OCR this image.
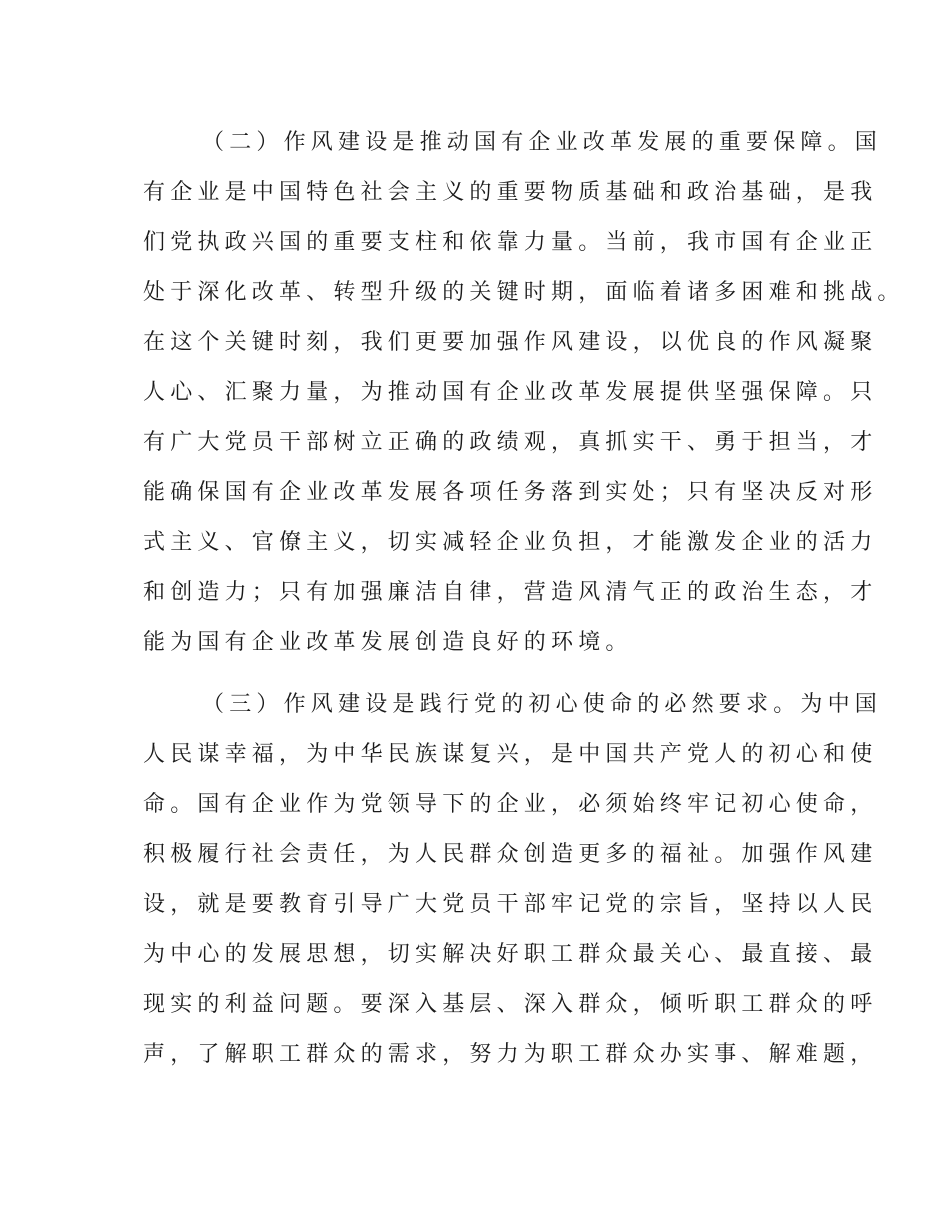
（二）作风建设是推动国有企业改革发展的重要保障。国
有企业是中国特色社会主义的重要物质基础和政治基础，是我
们党执政兴国的重要支柱和依靠力量。当前，我市国有企业正
处于深化改革、转型升级的关键时期，面临着诸多困难和挑战。
在这个关键时刻，我们更要加强作风建设，以优良的作风凝聚
人心、汇聚力量，为推动国有企业改革发展提供坚强保障。只
有广大党员干部树立正确的政绩观，真抓实干、勇于担当，才
能确保国有企业改革发展各项任务落到实处；只有坚决反对形
式主义、官僚主义，切实减轻企业负担，才能激发企业的活力
和创造力；只有加强廉洁自律，营造风清气正的政治生态，才
能为国有企业改革发展创造良好的环境。
（三）作风建设是践行党的初心使命的必然要求。为中国
人民谋幸福，为中华民族谋复兴，是中国共产党人的初心和使
命。国有企业作为党领导下的企业，必须始终牢记初心使命，
积极履行社会责任，为人民群众创造更多的福祉。加强作风建
设，就是要教育引导广大党员干部牢记党的宗旨，坚持以人民
为中心的发展思想，切实解决好职工群众最关心、最直接、最
现实的利益问题。要深入基层、深入群众，倾听职工群众的呼
声，了解职工群众的需求，努力为职工群众办实事、解难题，
